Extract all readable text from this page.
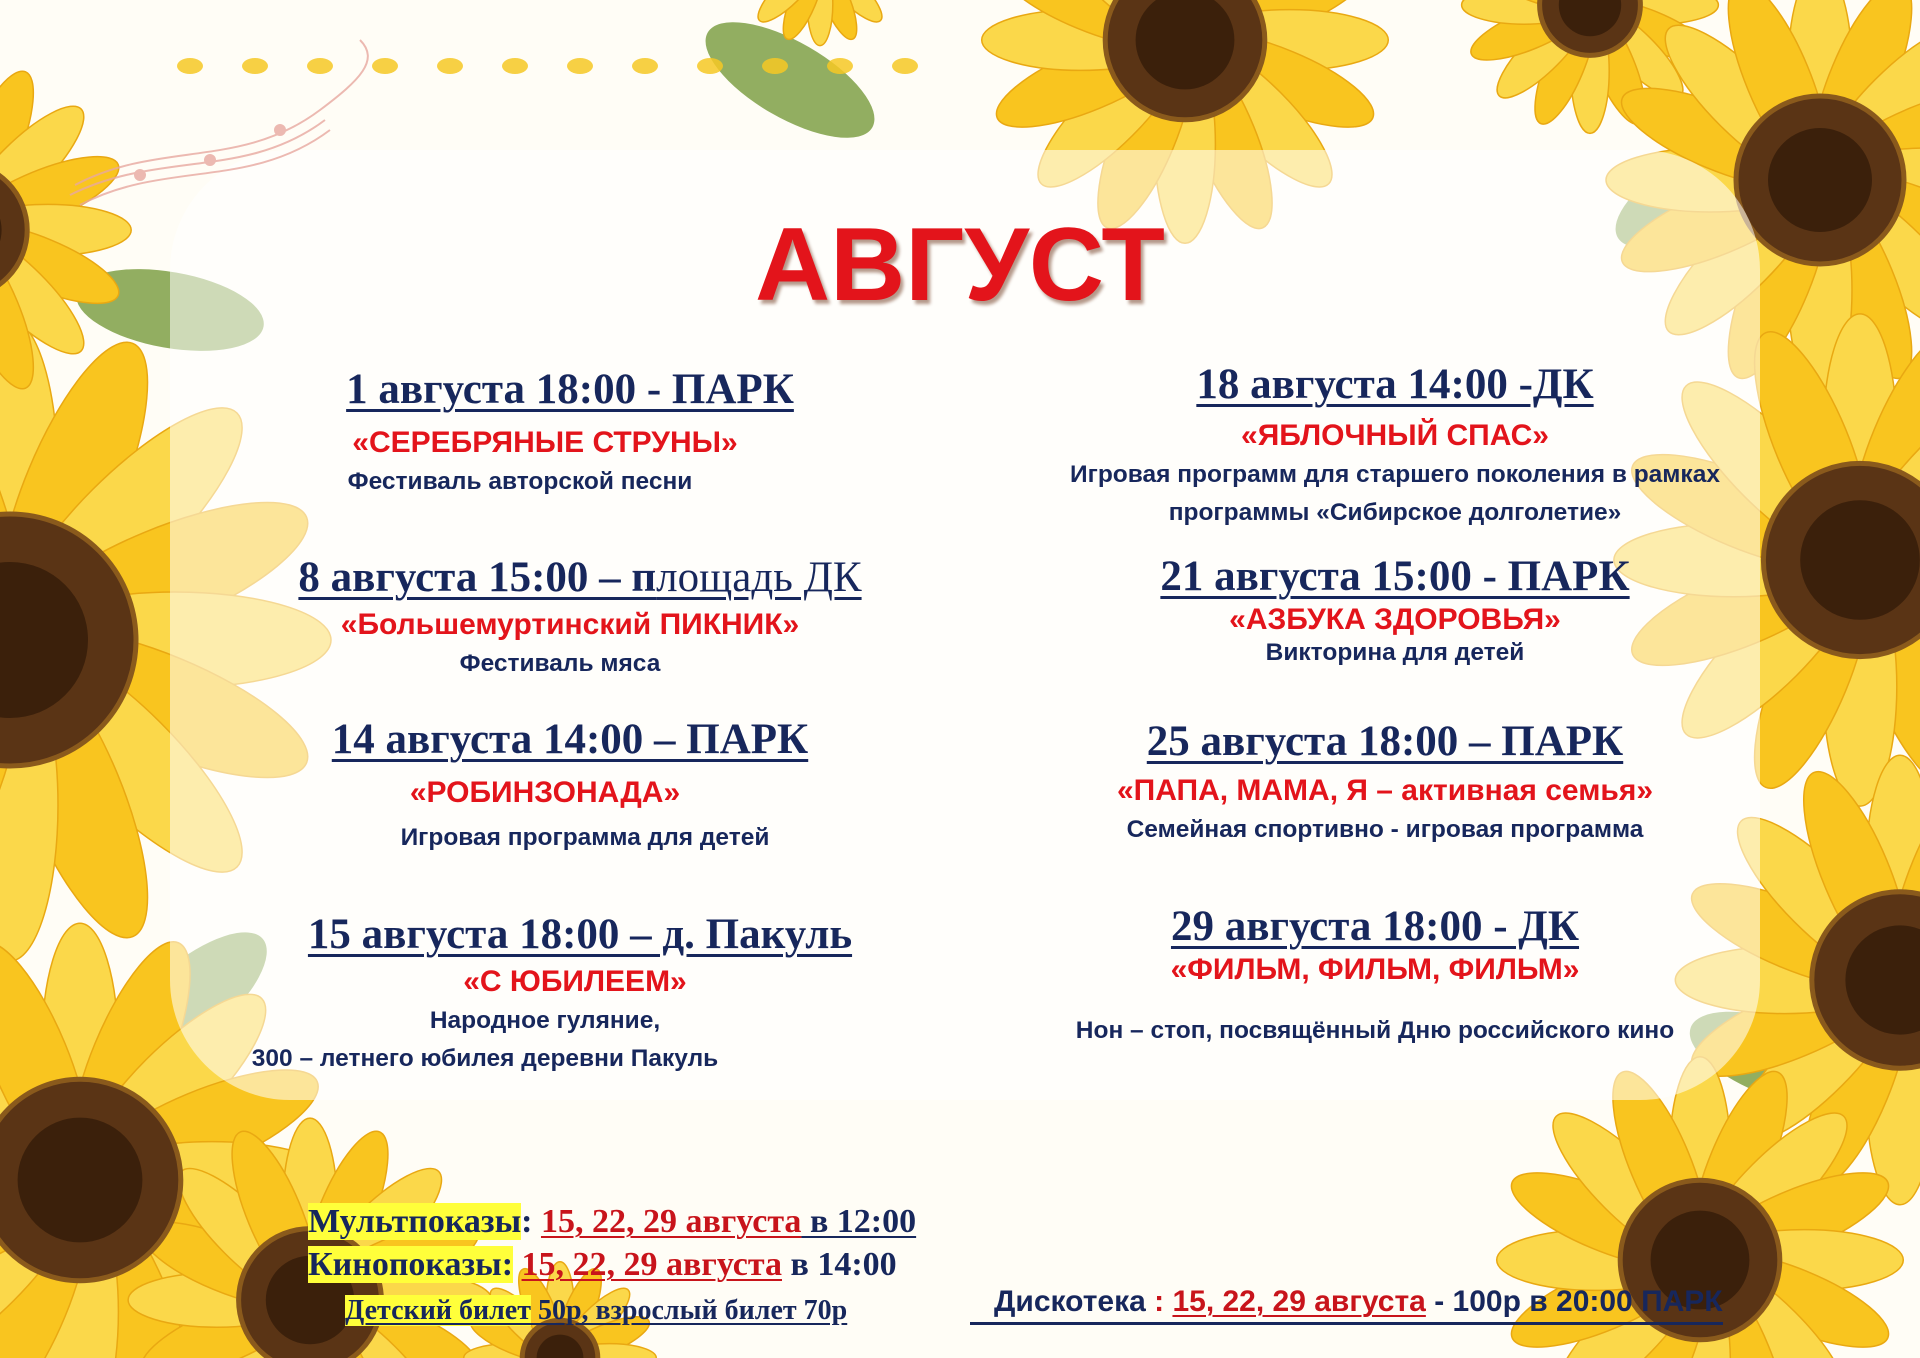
АВГУСТ
1 августа 18:00 - ПАРК
«СЕРЕБРЯНЫЕ СТРУНЫ»
Фестиваль авторской песни
8 августа 15:00 – площадь ДК
«Большемуртинский ПИКНИК»
Фестиваль мяса
14 августа 14:00 – ПАРК
«РОБИНЗОНАДА»
Игровая программа для детей
15 августа 18:00 – д. Пакуль
«С ЮБИЛЕЕМ»
Народное гуляние,
300 – летнего юбилея деревни Пакуль
18 августа 14:00 -ДК
«ЯБЛОЧНЫЙ СПАС»
Игровая программ для старшего поколения в рамках
программы «Сибирское долголетие»
21 августа 15:00 - ПАРК
«АЗБУКА ЗДОРОВЬЯ»
Викторина для детей
25 августа 18:00 – ПАРК
«ПАПА, МАМА, Я – активная семья»
Семейная спортивно - игровая программа
29 августа 18:00 - ДК
«ФИЛЬМ, ФИЛЬМ, ФИЛЬМ»
Нон – стоп, посвящённый Дню российского кино
Мультпоказы: 15, 22, 29 августа в 12:00
Кинопоказы: 15, 22, 29 августа в 14:00
Детский билет 50р, взрослый билет 70р	Дискотека : 15, 22, 29 августа - 100р в 20:00 ПАРК
